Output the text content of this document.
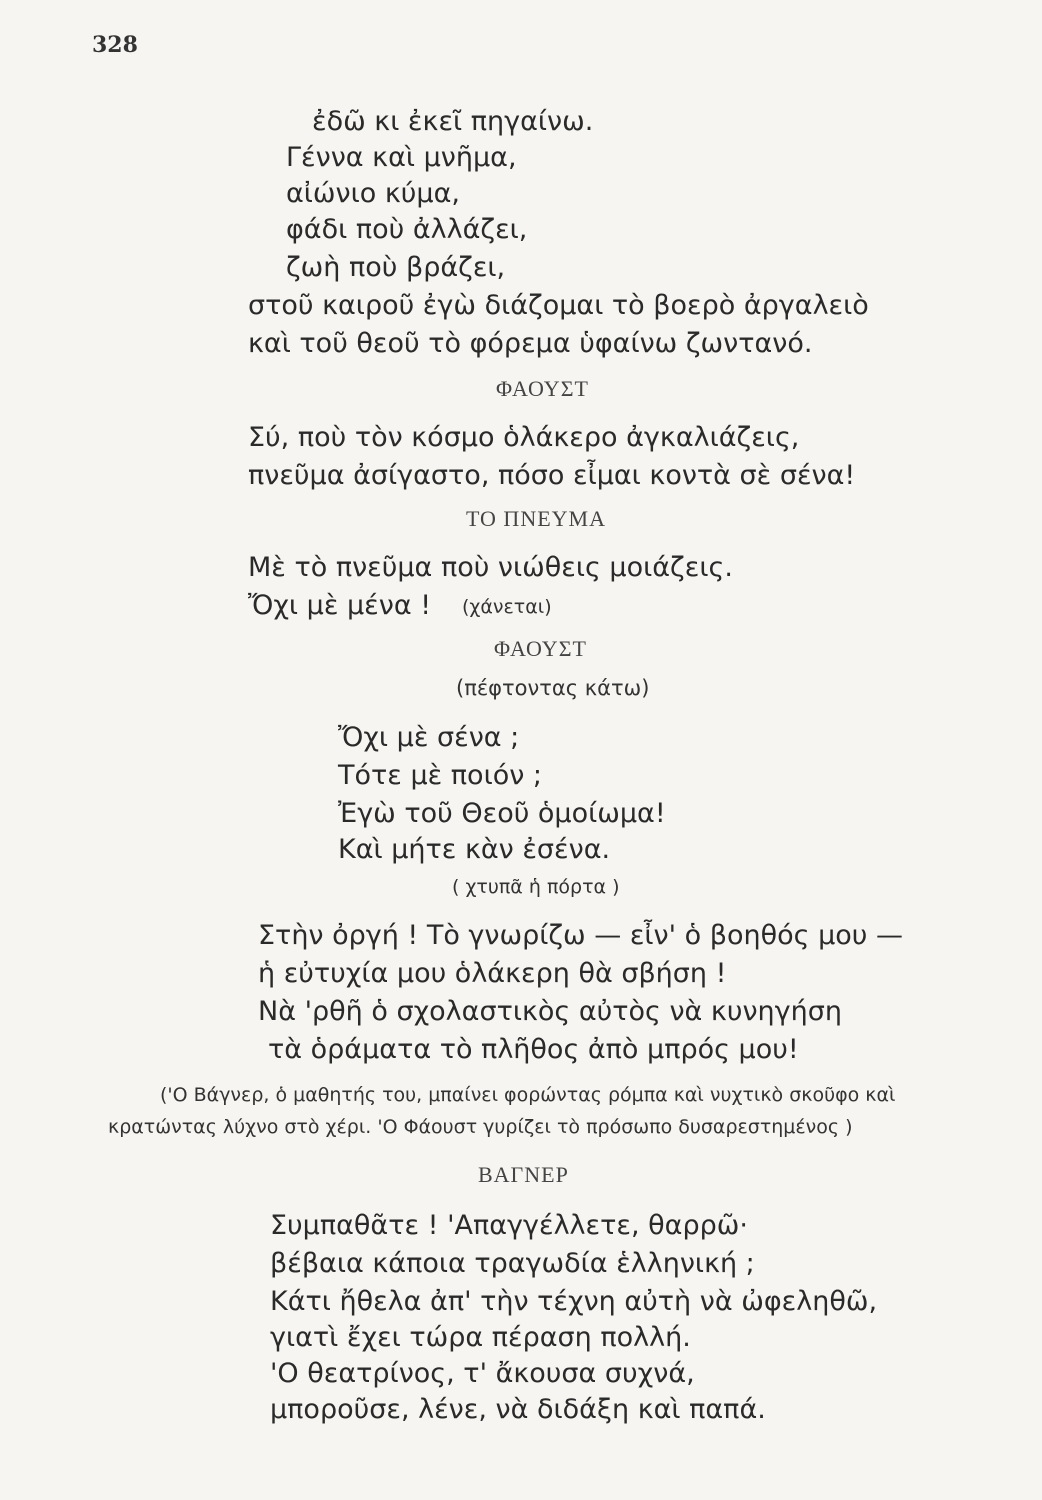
328
ἐδῶ κι ἐκεῖ πηγαίνω.
Γέννα καὶ μνῆμα,
αἰώνιο κύμα,
φάδι ποὺ ἀλλάζει,
ζωὴ ποὺ βράζει,
στοῦ καιροῦ ἐγὼ διάζομαι τὸ βοερὸ ἀργαλειὸ
καὶ τοῦ θεοῦ τὸ φόρεμα ὑφαίνω ζωντανό.
ΦΑΟΥΣΤ
Σύ, ποὺ τὸν κόσμο ὁλάκερο ἀγκαλιάζεις,
πνεῦμα ἀσίγαστο, πόσο εἶμαι κοντὰ σὲ σένα!
ΤΟ ΠΝΕΥΜΑ
Μὲ τὸ πνεῦμα ποὺ νιώθεις μοιάζεις.
Ὄχι μὲ μένα ! (χάνεται)
ΦΑΟΥΣΤ
(πέφτοντας κάτω)
Ὄχι μὲ σένα ;
Τότε μὲ ποιόν ;
Ἐγὼ τοῦ Θεοῦ ὁμοίωμα!
Καὶ μήτε κὰν ἐσένα.
( χτυπᾶ ἡ πόρτα )
Στὴν ὀργή ! Τὸ γνωρίζω — εἶν' ὁ βοηθός μου —
ἡ εὐτυχία μου ὁλάκερη θὰ σβήση !
Νὰ 'ρθῆ ὁ σχολαστικὸς αὐτὸς νὰ κυνηγήση
τὰ ὁράματα τὸ πλῆθος ἀπὸ μπρός μου!
('Ο Βάγνερ, ὁ μαθητής του, μπαίνει φορώντας ρόμπα καὶ νυχτικὸ σκοῦφο καὶ
κρατώντας λύχνο στὸ χέρι. 'Ο Φάουστ γυρίζει τὸ πρόσωπο δυσαρεστημένος )
ΒΑΓΝΕΡ
Συμπαθᾶτε ! 'Απαγγέλλετε, θαρρῶ·
βέβαια κάποια τραγωδία ἑλληνική ;
Κάτι ἤθελα ἀπ' τὴν τέχνη αὐτὴ νὰ ὠφεληθῶ,
γιατὶ ἔχει τώρα πέραση πολλή.
'Ο θεατρίνος, τ' ἄκουσα συχνά,
μποροῦσε, λένε, νὰ διδάξη καὶ παπά.
